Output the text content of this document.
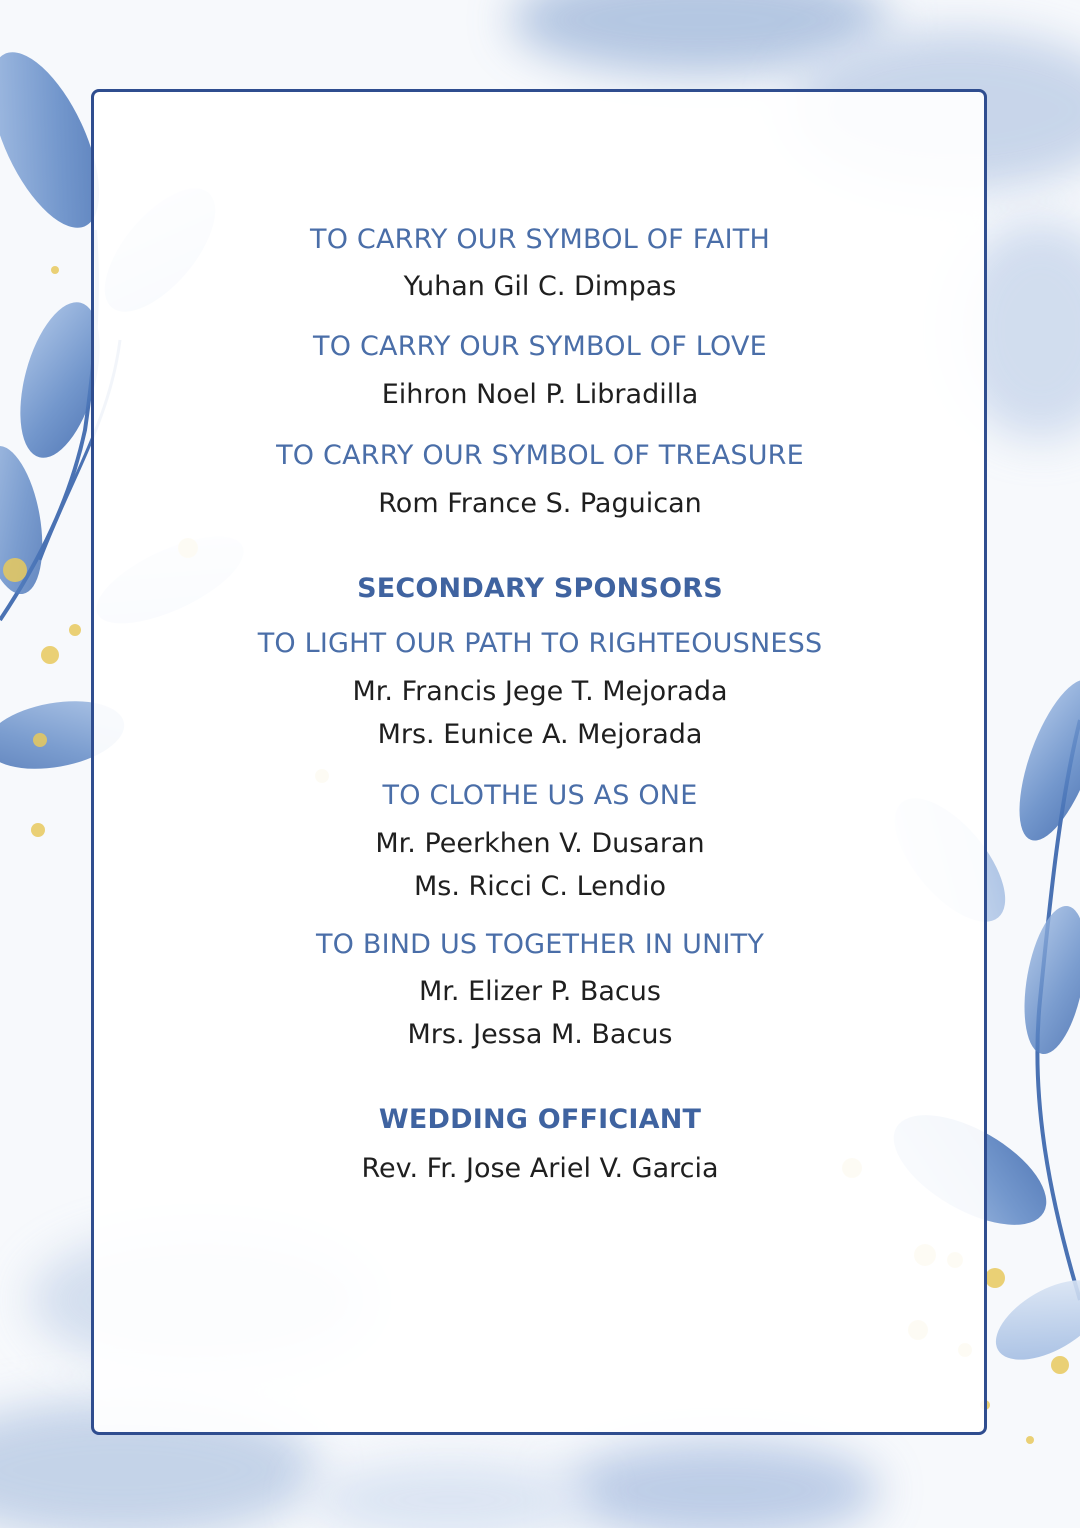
TO CARRY OUR SYMBOL OF FAITH
Yuhan Gil C. Dimpas
TO CARRY OUR SYMBOL OF LOVE
Eihron Noel P. Libradilla
TO CARRY OUR SYMBOL OF TREASURE
Rom France S. Paguican
SECONDARY SPONSORS
TO LIGHT OUR PATH TO RIGHTEOUSNESS
Mr. Francis Jege T. Mejorada
Mrs. Eunice A. Mejorada
TO CLOTHE US AS ONE
Mr. Peerkhen V. Dusaran
Ms. Ricci C. Lendio
TO BIND US TOGETHER IN UNITY
Mr. Elizer P. Bacus
Mrs. Jessa M. Bacus
WEDDING OFFICIANT
Rev. Fr. Jose Ariel V. Garcia
